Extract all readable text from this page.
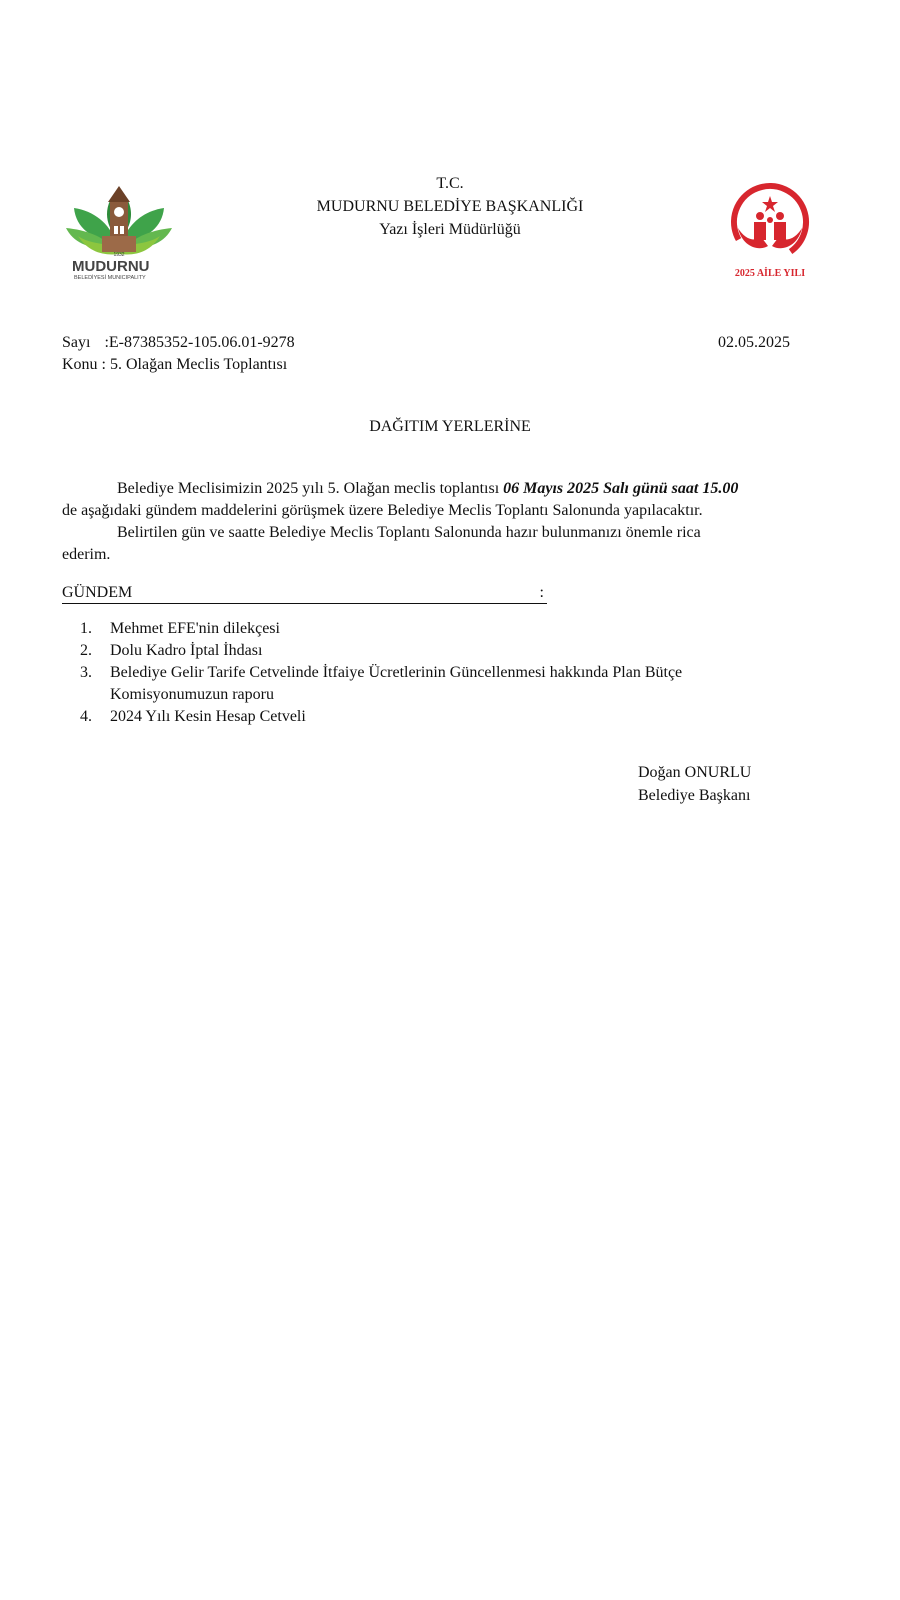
T.C.
MUDURNU BELEDİYE BAŞKANLIĞI
Yazı İşleri Müdürlüğü
1932
MUDURNU
BELEDİYESİ MUNICIPALITY	2025 AİLE YILI
Sayı :E-87385352-105.06.01-9278	02.05.2025
Konu : 5. Olağan Meclis Toplantısı
DAĞITIM YERLERİNE
Belediye Meclisimizin 2025 yılı 5. Olağan meclis toplantısı 06 Mayıs 2025 Salı günü saat 15.00
de aşağıdaki gündem maddelerini görüşmek üzere Belediye Meclis Toplantı Salonunda yapılacaktır.
Belirtilen gün ve saatte Belediye Meclis Toplantı Salonunda hazır bulunmanızı önemle rica
ederim.
GÜNDEM	:
1.	Mehmet EFE'nin dilekçesi
2.	Dolu Kadro İptal İhdası
3.	Belediye Gelir Tarife Cetvelinde İtfaiye Ücretlerinin Güncellenmesi hakkında Plan Bütçe Komisyonumuzun raporu
4.	2024 Yılı Kesin Hesap Cetveli
Doğan ONURLU
Belediye Başkanı
